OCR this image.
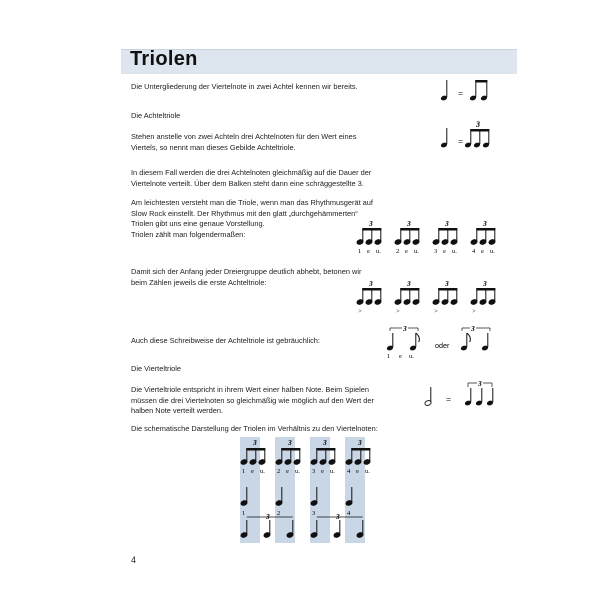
Triolen
Die Untergliederung der Viertelnote in zwei Achtel kennen wir bereits.
Die Achteltriole
Stehen anstelle von zwei Achteln drei Achtelnoten für den Wert eines
Viertels, so nennt man dieses Gebilde Achteltriole.
In diesem Fall werden die drei Achtelnoten gleichmäßig auf die Dauer der
Viertelnote verteilt. Über dem Balken steht dann eine schräggestellte 3.
Am leichtesten versteht man die Triole, wenn man das Rhythmusgerät auf
Slow Rock einstellt. Der Rhythmus mit den glatt „durchgehämmerten“
Triolen gibt uns eine genaue Vorstellung.
Triolen zählt man folgendermaßen:
Damit sich der Anfang jeder Dreiergruppe deutlich abhebt, betonen wir
beim Zählen jeweils die erste Achteltriole:
Auch diese Schreibweise der Achteltriole ist gebräuchlich:
Die Vierteltriole
Die Vierteltriole entspricht in ihrem Wert einer halben Note. Beim Spielen
müssen die drei Viertelnoten so gleichmäßig wie möglich auf den Wert der
halben Note verteilt werden.
Die schematische Darstellung der Triolen im Verhältnis zu den Viertelnoten:
=
=
3
3
1 e u.
3
2 e u.
3
3 e u.
3
4 e u.
3
>
3
>
3
>
3
>
3
1 e u.
oder
3
=
3
3
1 e u.
3
2 e u.
3
3 e u.
3
4 e u.
1	2	3	4
3	3
4
